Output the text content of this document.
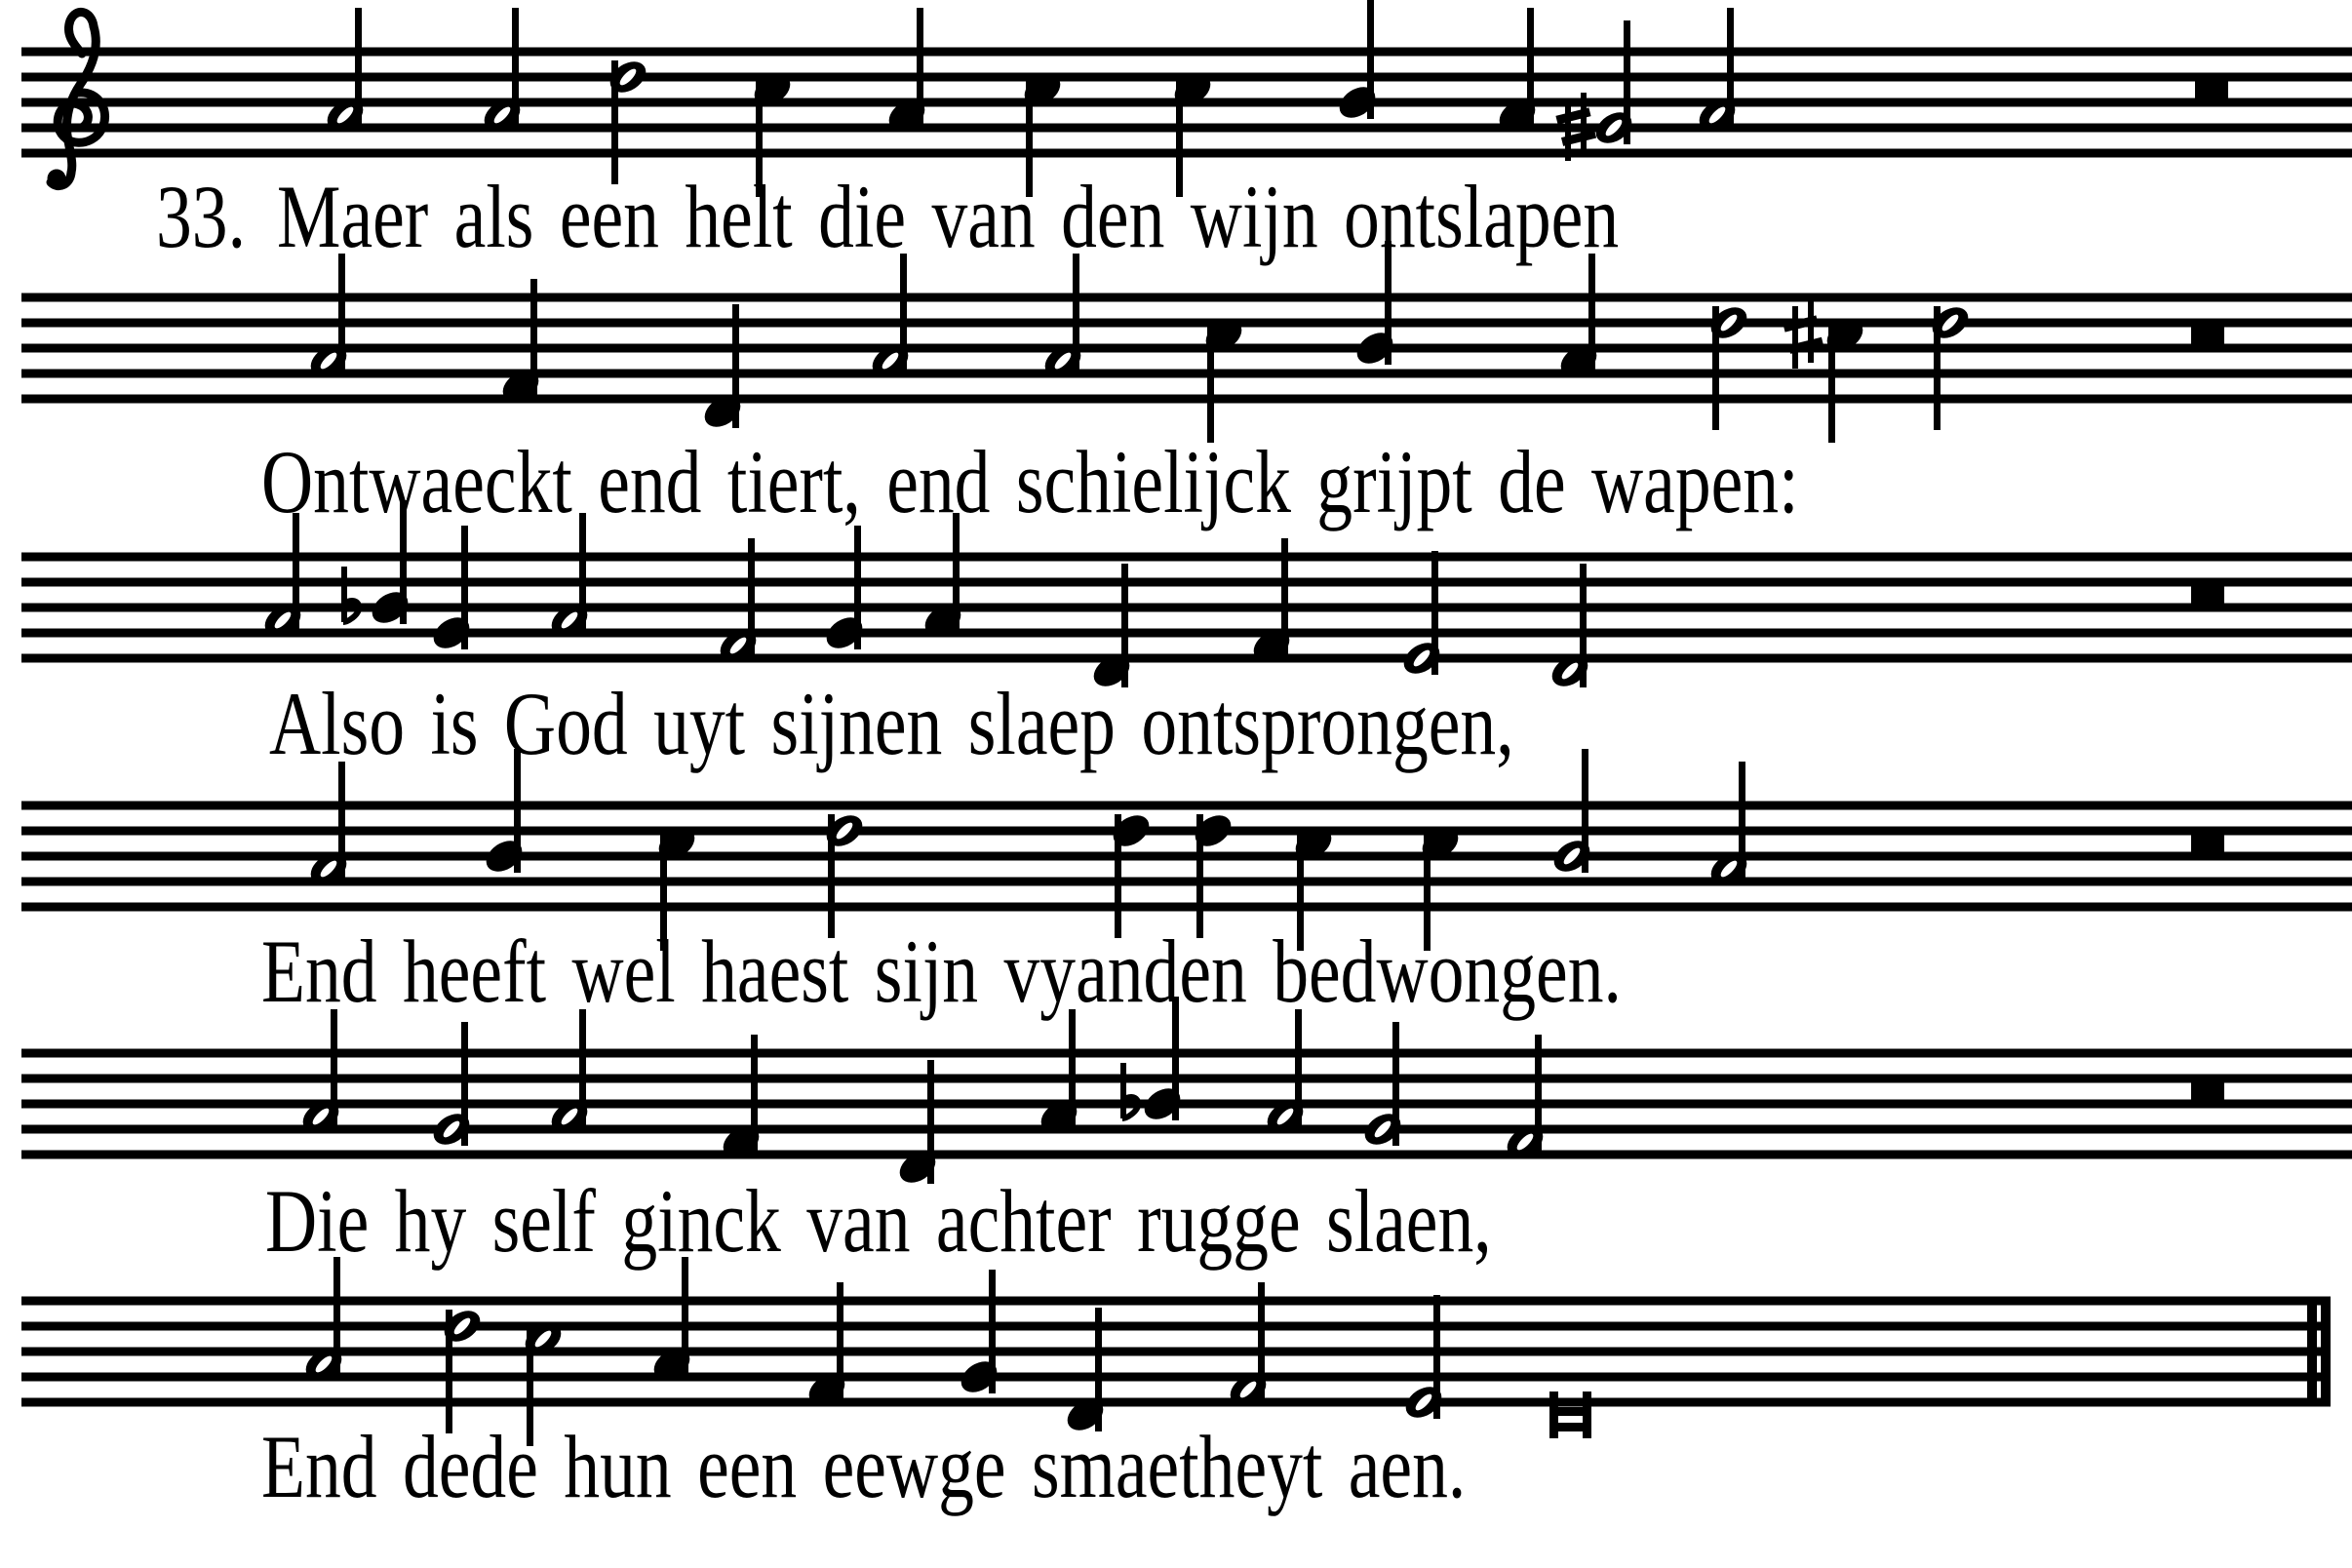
33. Maer als een helt die van den wijn ontslapen
Ontwaeckt end tiert, end schielijck grijpt de wapen:
Also is God uyt sijnen slaep ontsprongen,
End heeft wel haest sijn vyanden bedwongen.
Die hy self ginck van achter rugge slaen,
End dede hun een eewge smaetheyt aen.
